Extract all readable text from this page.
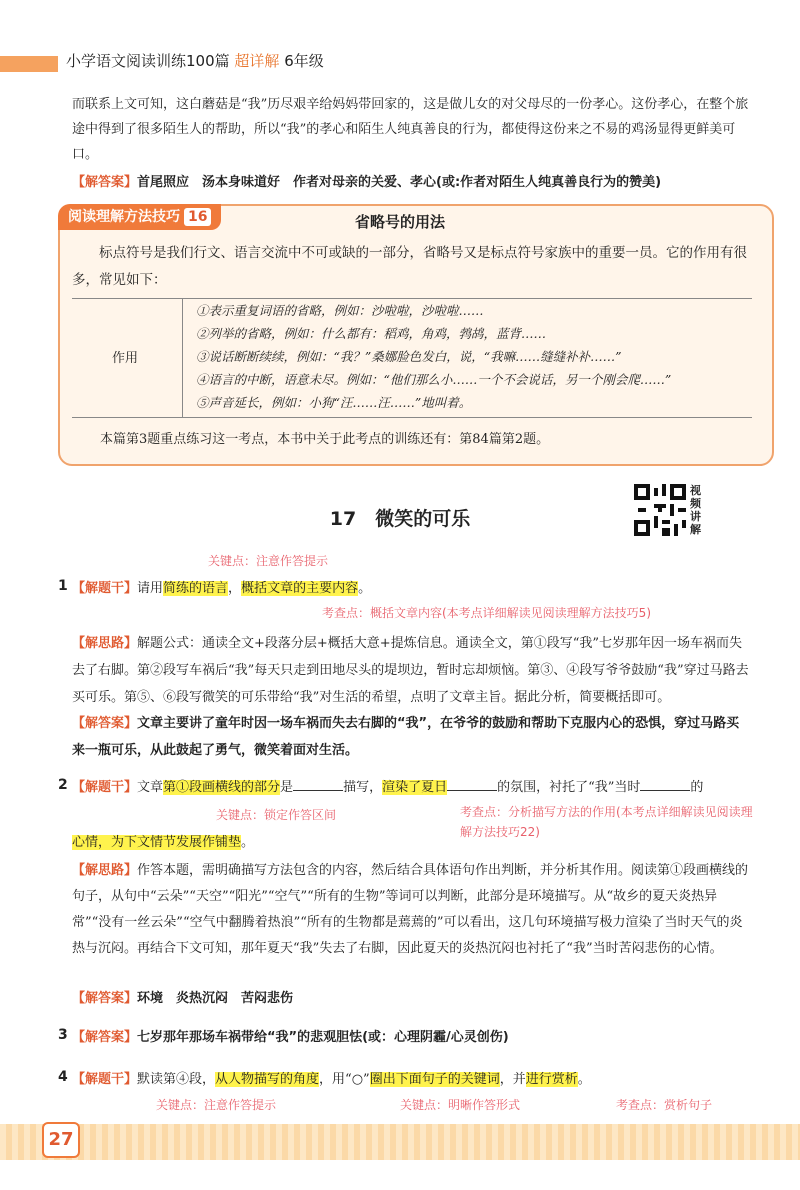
小学语文阅读训练100篇 超详解 6年级
而联系上文可知，这白蘑菇是“我”历尽艰辛给妈妈带回家的，这是做儿女的对父母尽的一份孝心。这份孝心，在整个旅途中得到了很多陌生人的帮助，所以“我”的孝心和陌生人纯真善良的行为，都使得这份来之不易的鸡汤显得更鲜美可口。
【解答案】首尾照应　汤本身味道好　作者对母亲的关爱、孝心(或:作者对陌生人纯真善良行为的赞美)
标点符号是我们行文、语言交流中不可或缺的一部分，省略号又是标点符号家族中的重要一员。它的作用有很多，常见如下：
作用
①表示重复词语的省略，例如：沙啦啦，沙啦啦……
②列举的省略，例如：什么都有：稻鸡，角鸡，鹁鸪，蓝背……
③说话断断续续，例如：“我？”桑娜脸色发白，说，“我嘛……缝缝补补……”
④语言的中断，语意未尽。例如：“他们那么小……一个不会说话，另一个刚会爬……”
⑤声音延长，例如：小狗“汪……汪……”地叫着。
本篇第3题重点练习这一考点，本书中关于此考点的训练还有：第84篇第2题。
阅读理解方法技巧 16	省略号的用法
17　 微笑的可乐
视频讲解
关键点：注意作答提示
1 【解题干】请用简练的语言，概括文章的主要内容。
考查点：概括文章内容(本考点详细解读见阅读理解方法技巧5)
【解思路】解题公式：通读全文+段落分层+概括大意+提炼信息。通读全文，第①段写“我”七岁那年因一场车祸而失去了右脚。第②段写车祸后“我”每天只走到田地尽头的堤坝边，暂时忘却烦恼。第③、④段写爷爷鼓励“我”穿过马路去买可乐。第⑤、⑥段写微笑的可乐带给“我”对生活的希望，点明了文章主旨。据此分析，简要概括即可。
【解答案】文章主要讲了童年时因一场车祸而失去右脚的“我”，在爷爷的鼓励和帮助下克服内心的恐惧，穿过马路买来一瓶可乐，从此鼓起了勇气，微笑着面对生活。
2 【解题干】文章第①段画横线的部分是	描写，渲染了夏日	的氛围，衬托了“我”当时	的
关键点：锁定作答区间	考查点：分析描写方法的作用(本考点详细解读见阅读理解方法技巧22)
心情，为下文情节发展作铺垫。
【解思路】作答本题，需明确描写方法包含的内容，然后结合具体语句作出判断，并分析其作用。阅读第①段画横线的句子，从句中“云朵”“天空”“阳光”“空气”“所有的生物”等词可以判断，此部分是环境描写。从“故乡的夏天炎热异常”“没有一丝云朵”“空气中翻腾着热浪”“所有的生物都是蔫蔫的”可以看出，这几句环境描写极力渲染了当时天气的炎热与沉闷。再结合下文可知，那年夏天“我”失去了右脚，因此夏天的炎热沉闷也衬托了“我”当时苦闷悲伤的心情。
【解答案】环境　炎热沉闷　苦闷悲伤
3 【解答案】七岁那年那场车祸带给“我”的悲观胆怯(或：心理阴霾/心灵创伤)
4 【解题干】默读第④段，从人物描写的角度，用“○”圈出下面句子的关键词，并进行赏析。
关键点：注意作答提示	关键点：明晰作答形式	考查点：赏析句子
27
